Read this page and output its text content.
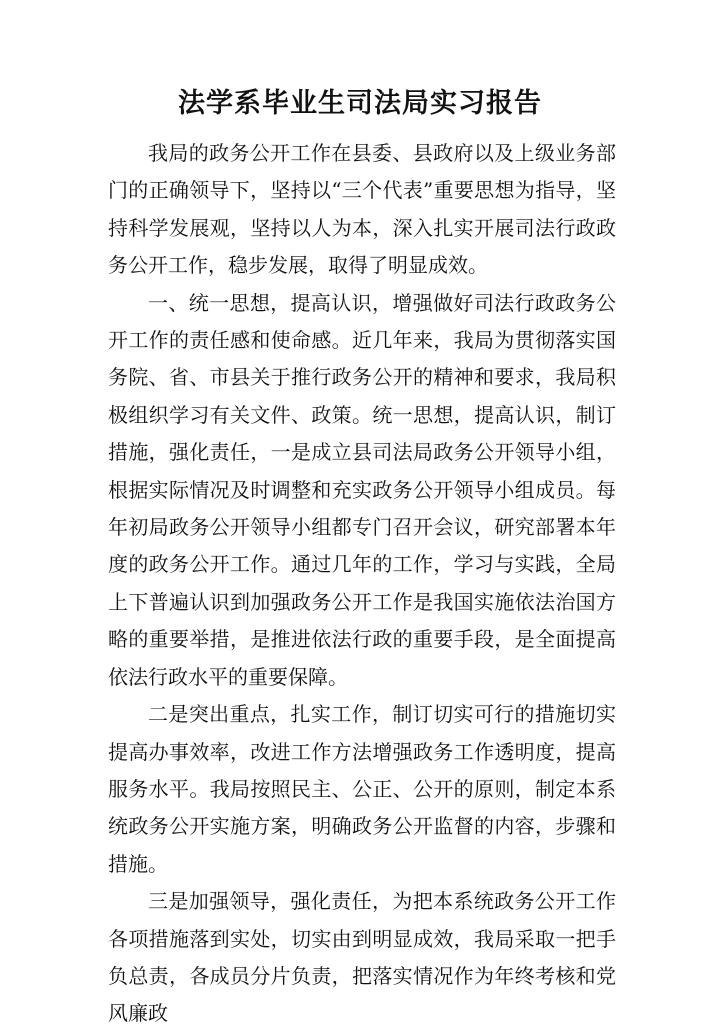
法学系毕业生司法局实习报告

我局的政务公开工作在县委、县政府以及上级业务部门的正确领导下，坚持以“三个代表”重要思想为指导，坚持科学发展观，坚持以人为本，深入扎实开展司法行政政务公开工作，稳步发展，取得了明显成效。

一、统一思想，提高认识，增强做好司法行政政务公开工作的责任感和使命感。近几年来，我局为贯彻落实国务院、省、市县关于推行政务公开的精神和要求，我局积极组织学习有关文件、政策。统一思想，提高认识，制订措施，强化责任，一是成立县司法局政务公开领导小组，根据实际情况及时调整和充实政务公开领导小组成员。每年初局政务公开领导小组都专门召开会议，研究部署本年度的政务公开工作。通过几年的工作，学习与实践，全局上下普遍认识到加强政务公开工作是我国实施依法治国方略的重要举措，是推进依法行政的重要手段，是全面提高依法行政水平的重要保障。

二是突出重点，扎实工作，制订切实可行的措施切实提高办事效率，改进工作方法增强政务工作透明度，提高服务水平。我局按照民主、公正、公开的原则，制定本系统政务公开实施方案，明确政务公开监督的内容，步骤和措施。

三是加强领导，强化责任，为把本系统政务公开工作各项措施落到实处，切实由到明显成效，我局采取一把手负总责，各成员分片负责，把落实情况作为年终考核和党风廉政
